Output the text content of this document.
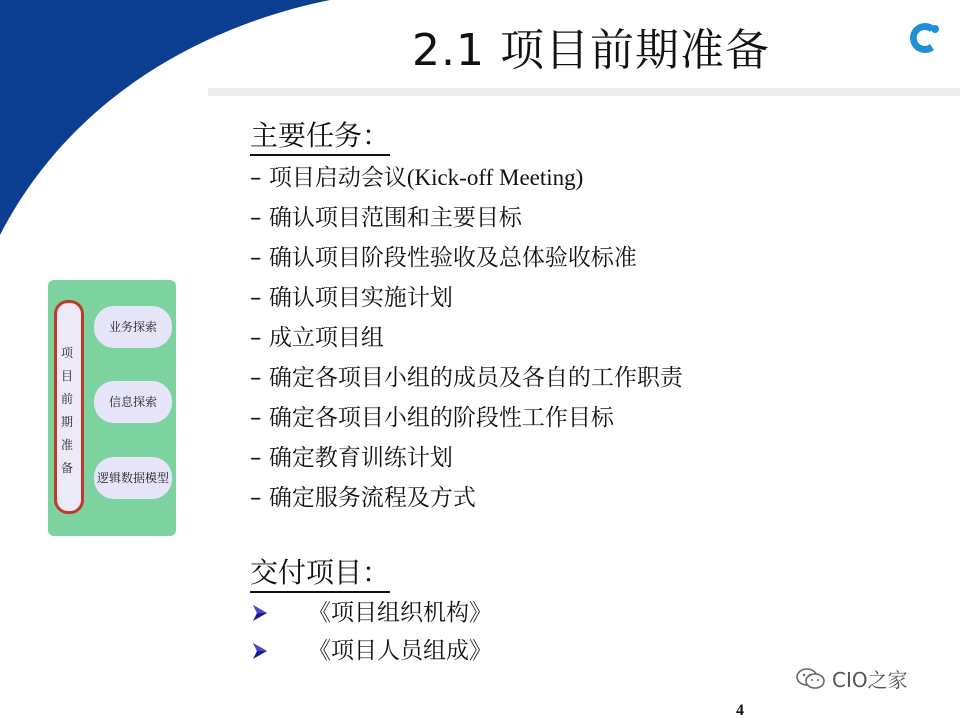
2.1 项目前期准备
主要任务：
– 项目启动会议(Kick-off Meeting)
– 确认项目范围和主要目标
– 确认项目阶段性验收及总体验收标准
– 确认项目实施计划
– 成立项目组
– 确定各项目小组的成员及各自的工作职责
– 确定各项目小组的阶段性工作目标
– 确定教育训练计划
– 确定服务流程及方式
交付项目：
《项目组织机构》
《项目人员组成》
项目前期准备
业务探索
信息探索
逻辑数据模型
CIO之家
4
